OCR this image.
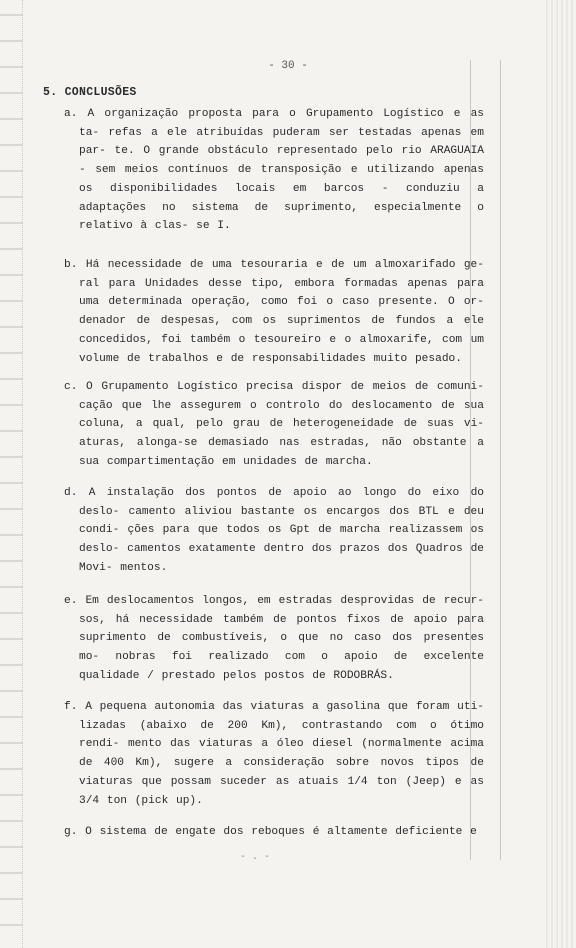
- 30 -
5. CONCLUSÕES
a. A organização proposta para o Grupamento Logístico e as ta- refas a ele atribuídas puderam ser testadas apenas em par- te. O grande obstáculo representado pelo rio ARAGUAIA - sem meios contínuos de transposição e utilizando apenas os disponibilidades locais em barcos - conduziu a adaptações no sistema de suprimento, especialmente o relativo à clas- se I.
b. Há necessidade de uma tesouraria e de um almoxarifado ge- ral para Unidades desse tipo, embora formadas apenas para uma determinada operação, como foi o caso presente. O or- denador de despesas, com os suprimentos de fundos a ele concedidos, foi também o tesoureiro e o almoxarife, com um volume de trabalhos e de responsabilidades muito pesado.
c. O Grupamento Logístico precisa dispor de meios de comuni- cação que lhe assegurem o controlo do deslocamento de sua coluna, a qual, pelo grau de heterogeneidade de suas vi- aturas, alonga-se demasiado nas estradas, não obstante a sua compartimentação em unidades de marcha.
d. A instalação dos pontos de apoio ao longo do eixo do deslo- camento aliviou bastante os encargos dos BTL e deu condi- ções para que todos os Gpt de marcha realizassem os deslo- camentos exatamente dentro dos prazos dos Quadros de Movi- mentos.
e. Em deslocamentos longos, em estradas desprovidas de recur- sos, há necessidade também de pontos fixos de apoio para suprimento de combustíveis, o que no caso dos presentes mo- nobras foi realizado com o apoio de excelente qualidade / prestado pelos postos de RODOBRÁS.
f. A pequena autonomia das viaturas a gasolina que foram uti- lizadas (abaixo de 200 Km), contrastando com o ótimo rendi- mento das viaturas a óleo diesel (normalmente acima de 400 Km), sugere a consideração sobre novos tipos de viaturas que possam suceder as atuais 1/4 ton (Jeep) e as 3/4 ton (pick up).
g. O sistema de engate dos reboques é altamente deficiente e
- . -
